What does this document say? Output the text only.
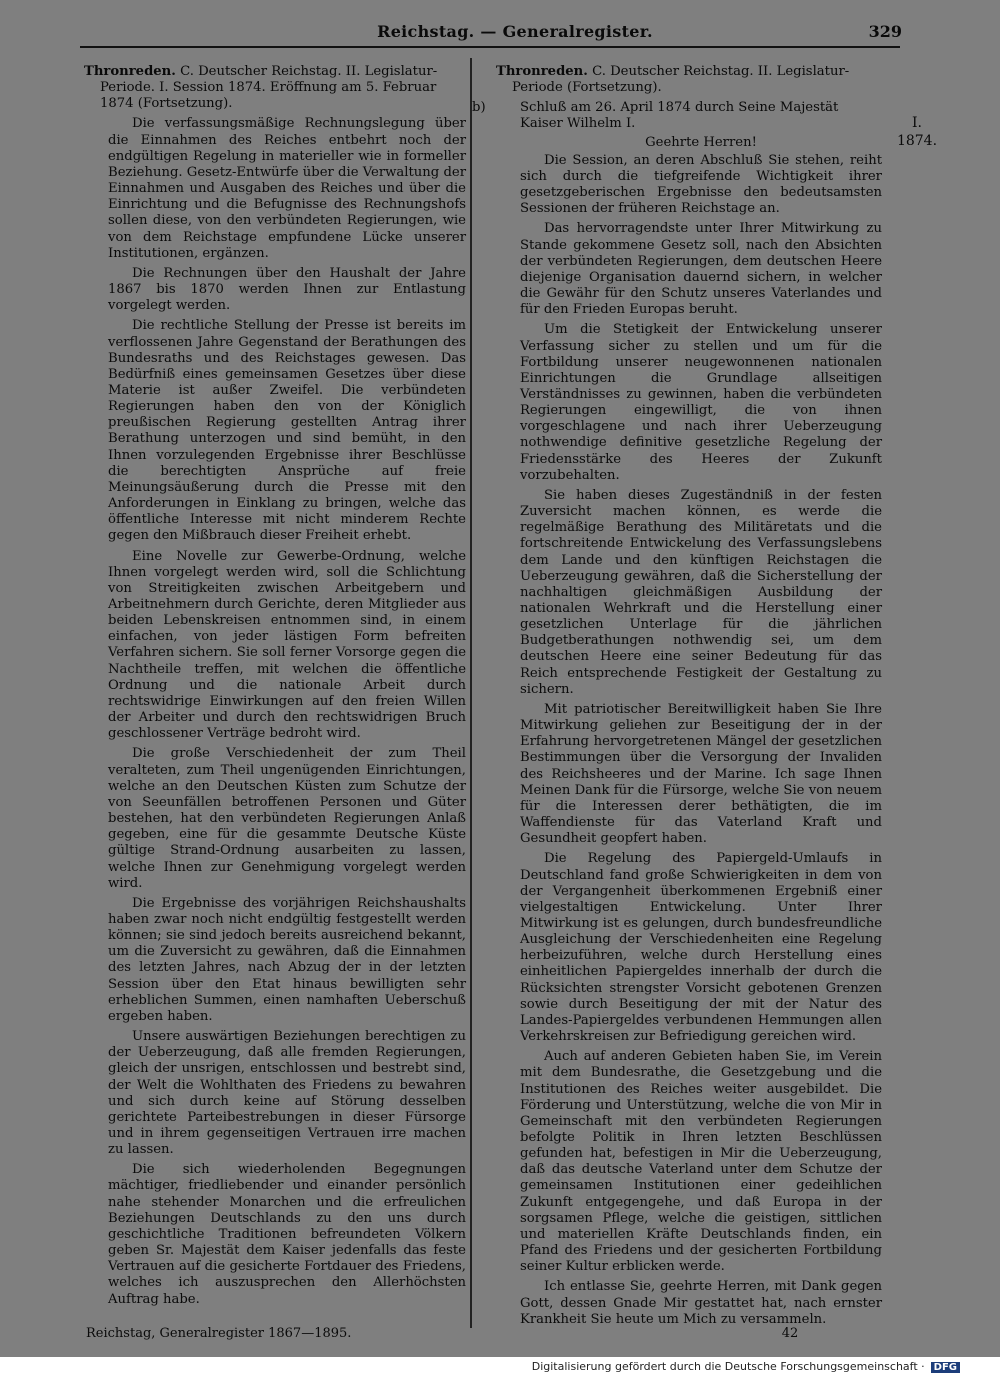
Reichstag. — Generalregister.	329

Thronreden. C. Deutscher Reichstag. II. Legislatur-Periode. I. Session 1874. Eröffnung am 5. Februar 1874 (Fortsetzung).

Die verfassungsmäßige Rechnungslegung über die Einnahmen des Reiches entbehrt noch der endgültigen Regelung in materieller wie in formeller Beziehung. Gesetz-Entwürfe über die Verwaltung der Einnahmen und Ausgaben des Reiches und über die Einrichtung und die Befugnisse des Rechnungshofs sollen diese, von den verbündeten Regierungen, wie von dem Reichstage empfundene Lücke unserer Institutionen, ergänzen.

Die Rechnungen über den Haushalt der Jahre 1867 bis 1870 werden Ihnen zur Entlastung vorgelegt werden.

Die rechtliche Stellung der Presse ist bereits im verflossenen Jahre Gegenstand der Berathungen des Bundesraths und des Reichstages gewesen. Das Bedürfniß eines gemeinsamen Gesetzes über diese Materie ist außer Zweifel. Die verbündeten Regierungen haben den von der Königlich preußischen Regierung gestellten Antrag ihrer Berathung unterzogen und sind bemüht, in den Ihnen vorzulegenden Ergebnisse ihrer Beschlüsse die berechtigten Ansprüche auf freie Meinungsäußerung durch die Presse mit den Anforderungen in Einklang zu bringen, welche das öffentliche Interesse mit nicht minderem Rechte gegen den Mißbrauch dieser Freiheit erhebt.

Eine Novelle zur Gewerbe-Ordnung, welche Ihnen vorgelegt werden wird, soll die Schlichtung von Streitigkeiten zwischen Arbeitgebern und Arbeitnehmern durch Gerichte, deren Mitglieder aus beiden Lebenskreisen entnommen sind, in einem einfachen, von jeder lästigen Form befreiten Verfahren sichern. Sie soll ferner Vorsorge gegen die Nachtheile treffen, mit welchen die öffentliche Ordnung und die nationale Arbeit durch rechtswidrige Einwirkungen auf den freien Willen der Arbeiter und durch den rechtswidrigen Bruch geschlossener Verträge bedroht wird.

Die große Verschiedenheit der zum Theil veralteten, zum Theil ungenügenden Einrichtungen, welche an den Deutschen Küsten zum Schutze der von Seeunfällen betroffenen Personen und Güter bestehen, hat den verbündeten Regierungen Anlaß gegeben, eine für die gesammte Deutsche Küste gültige Strand-Ordnung ausarbeiten zu lassen, welche Ihnen zur Genehmigung vorgelegt werden wird.

Die Ergebnisse des vorjährigen Reichshaushalts haben zwar noch nicht endgültig festgestellt werden können; sie sind jedoch bereits ausreichend bekannt, um die Zuversicht zu gewähren, daß die Einnahmen des letzten Jahres, nach Abzug der in der letzten Session über den Etat hinaus bewilligten sehr erheblichen Summen, einen namhaften Ueberschuß ergeben haben.

Unsere auswärtigen Beziehungen berechtigen zu der Ueberzeugung, daß alle fremden Regierungen, gleich der unsrigen, entschlossen und bestrebt sind, der Welt die Wohlthaten des Friedens zu bewahren und sich durch keine auf Störung desselben gerichtete Parteibestrebungen in dieser Fürsorge und in ihrem gegenseitigen Vertrauen irre machen zu lassen.

Die sich wiederholenden Begegnungen mächtiger, friedliebender und einander persönlich nahe stehender Monarchen und die erfreulichen Beziehungen Deutschlands zu den uns durch geschichtliche Traditionen befreundeten Völkern geben Sr. Majestät dem Kaiser jedenfalls das feste Vertrauen auf die gesicherte Fortdauer des Friedens, welches ich auszusprechen den Allerhöchsten Auftrag habe.

Thronreden. C. Deutscher Reichstag. II. Legislatur-Periode (Fortsetzung).

b)	Schluß am 26. April 1874 durch Seine Majestät Kaiser Wilhelm I.

Geehrte Herren!

Die Session, an deren Abschluß Sie stehen, reiht sich durch die tiefgreifende Wichtigkeit ihrer gesetzgeberischen Ergebnisse den bedeutsamsten Sessionen der früheren Reichstage an.

Das hervorragendste unter Ihrer Mitwirkung zu Stande gekommene Gesetz soll, nach den Absichten der verbündeten Regierungen, dem deutschen Heere diejenige Organisation dauernd sichern, in welcher die Gewähr für den Schutz unseres Vaterlandes und für den Frieden Europas beruht.

Um die Stetigkeit der Entwickelung unserer Verfassung sicher zu stellen und um für die Fortbildung unserer neugewonnenen nationalen Einrichtungen die Grundlage allseitigen Verständnisses zu gewinnen, haben die verbündeten Regierungen eingewilligt, die von ihnen vorgeschlagene und nach ihrer Ueberzeugung nothwendige definitive gesetzliche Regelung der Friedensstärke des Heeres der Zukunft vorzubehalten.

Sie haben dieses Zugeständniß in der festen Zuversicht machen können, es werde die regelmäßige Berathung des Militäretats und die fortschreitende Entwickelung des Verfassungslebens dem Lande und den künftigen Reichstagen die Ueberzeugung gewähren, daß die Sicherstellung der nachhaltigen gleichmäßigen Ausbildung der nationalen Wehrkraft und die Herstellung einer gesetzlichen Unterlage für die jährlichen Budgetberathungen nothwendig sei, um dem deutschen Heere eine seiner Bedeutung für das Reich entsprechende Festigkeit der Gestaltung zu sichern.

Mit patriotischer Bereitwilligkeit haben Sie Ihre Mitwirkung geliehen zur Beseitigung der in der Erfahrung hervorgetretenen Mängel der gesetzlichen Bestimmungen über die Versorgung der Invaliden des Reichsheeres und der Marine. Ich sage Ihnen Meinen Dank für die Fürsorge, welche Sie von neuem für die Interessen derer bethätigten, die im Waffendienste für das Vaterland Kraft und Gesundheit geopfert haben.

Die Regelung des Papiergeld-Umlaufs in Deutschland fand große Schwierigkeiten in dem von der Vergangenheit überkommenen Ergebniß einer vielgestaltigen Entwickelung. Unter Ihrer Mitwirkung ist es gelungen, durch bundesfreundliche Ausgleichung der Verschiedenheiten eine Regelung herbeizuführen, welche durch Herstellung eines einheitlichen Papiergeldes innerhalb der durch die Rücksichten strengster Vorsicht gebotenen Grenzen sowie durch Beseitigung der mit der Natur des Landes-Papiergeldes verbundenen Hemmungen allen Verkehrskreisen zur Befriedigung gereichen wird.

Auch auf anderen Gebieten haben Sie, im Verein mit dem Bundesrathe, die Gesetzgebung und die Institutionen des Reiches weiter ausgebildet. Die Förderung und Unterstützung, welche die von Mir in Gemeinschaft mit den verbündeten Regierungen befolgte Politik in Ihren letzten Beschlüssen gefunden hat, befestigen in Mir die Ueberzeugung, daß das deutsche Vaterland unter dem Schutze der gemeinsamen Institutionen einer gedeihlichen Zukunft entgegengehe, und daß Europa in der sorgsamen Pflege, welche die geistigen, sittlichen und materiellen Kräfte Deutschlands finden, ein Pfand des Friedens und der gesicherten Fortbildung seiner Kultur erblicken werde.

Ich entlasse Sie, geehrte Herren, mit Dank gegen Gott, dessen Gnade Mir gestattet hat, nach ernster Krankheit Sie heute um Mich zu versammeln.

I.
1874.
Reichstag, Generalregister 1867—1895.	42
Digitalisierung gefördert durch die Deutsche Forschungsgemeinschaft · DFG
